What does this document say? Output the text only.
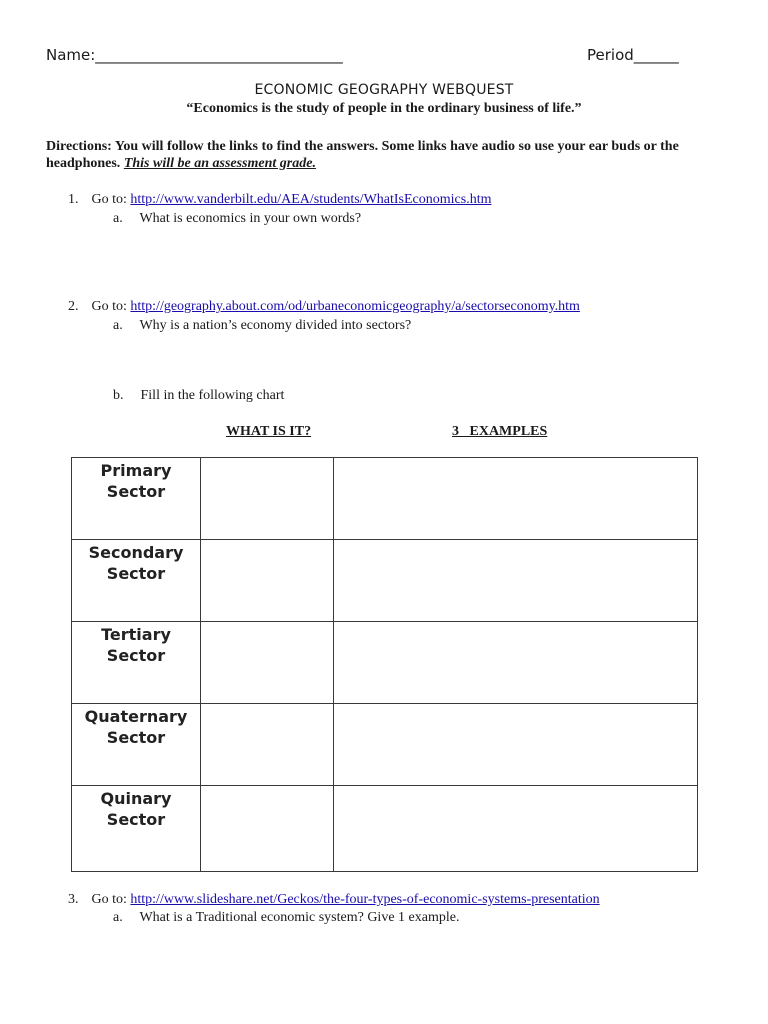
Name:_________________________________	Period______
ECONOMIC GEOGRAPHY WEBQUEST
“Economics is the study of people in the ordinary business of life.”
Directions: You will follow the links to find the answers. Some links have audio so use your ear buds or the headphones. This will be an assessment grade.
1. Go to: http://www.vanderbilt.edu/AEA/students/WhatIsEconomics.htm
a. What is economics in your own words?
2. Go to: http://geography.about.com/od/urbaneconomicgeography/a/sectorseconomy.htm
a. Why is a nation’s economy divided into sectors?
b. Fill in the following chart
WHAT IS IT?	3   EXAMPLES
Primary
Sector		

Secondary
Sector		

Tertiary
Sector		

Quaternary
Sector		

Quinary
Sector		

3. Go to: http://www.slideshare.net/Geckos/the-four-types-of-economic-systems-presentation
a. What is a Traditional economic system? Give 1 example.
